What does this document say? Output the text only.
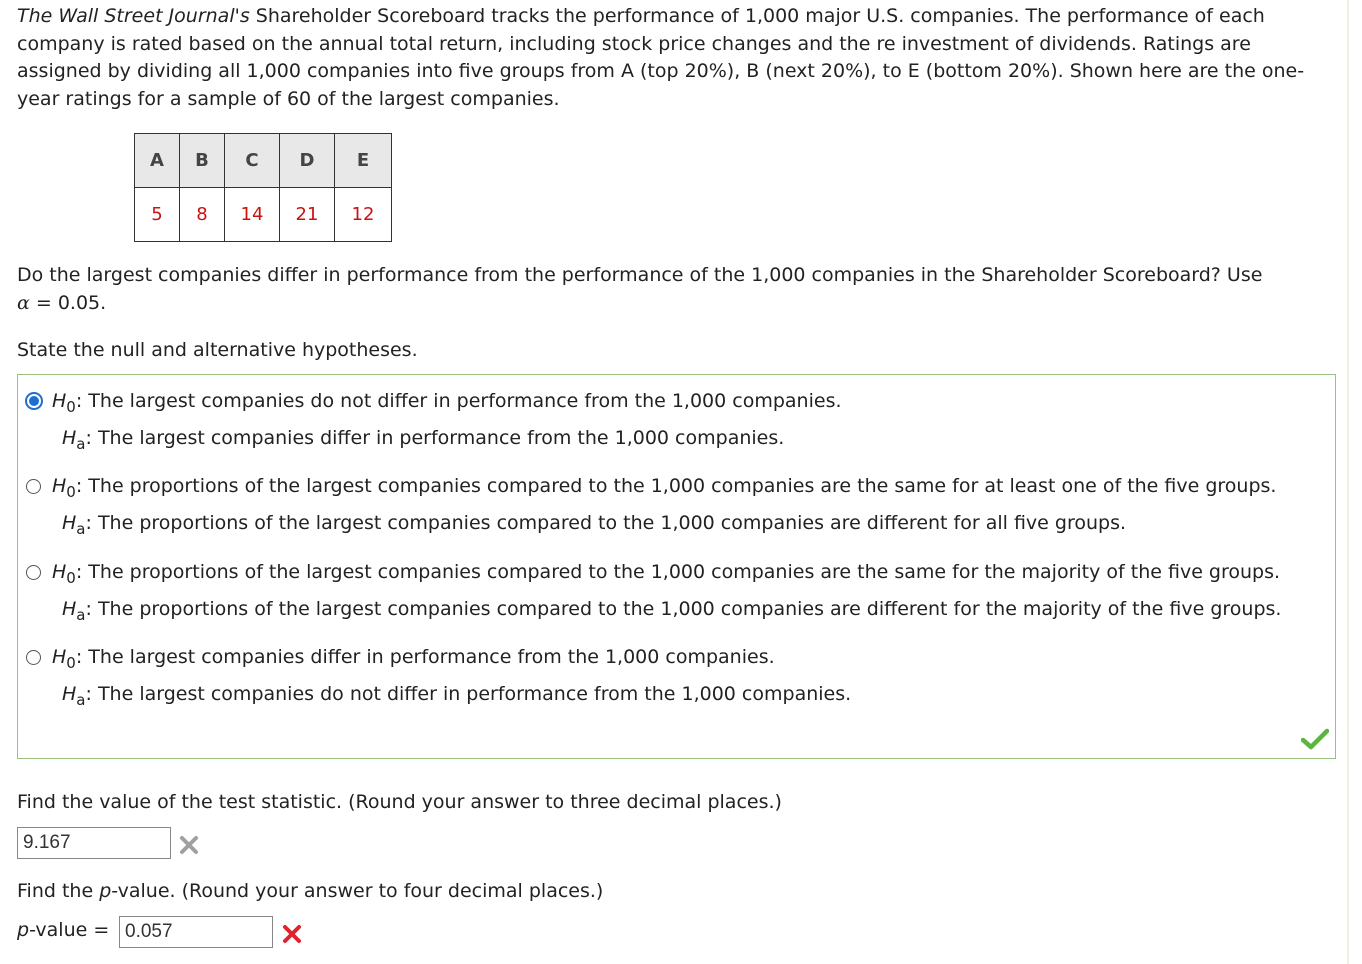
The Wall Street Journal's Shareholder Scoreboard tracks the performance of 1,000 major U.S. companies. The performance of each company is rated based on the annual total return, including stock price changes and the re investment of dividends. Ratings are assigned by dividing all 1,000 companies into five groups from A (top 20%), B (next 20%), to E (bottom 20%). Shown here are the one-year ratings for a sample of 60 of the largest companies.
A	B	C	D	E
5	8	14	21	12
Do the largest companies differ in performance from the performance of the 1,000 companies in the Shareholder Scoreboard? Use
α = 0.05.
State the null and alternative hypotheses.
$H_0$: The largest companies do not differ in performance from the 1,000 companies.
$H_a$: The largest companies differ in performance from the 1,000 companies.
$H_0$: The proportions of the largest companies compared to the 1,000 companies are the same for at least one of the five groups.
$H_a$: The proportions of the largest companies compared to the 1,000 companies are different for all five groups.
$H_0$: The proportions of the largest companies compared to the 1,000 companies are the same for the majority of the five groups.
$H_a$: The proportions of the largest companies compared to the 1,000 companies are different for the majority of the five groups.
$H_0$: The largest companies differ in performance from the 1,000 companies.
$H_a$: The largest companies do not differ in performance from the 1,000 companies.
Find the value of the test statistic. (Round your answer to three decimal places.)
9.167
Find the p-value. (Round your answer to four decimal places.)
p-value = 0.057
